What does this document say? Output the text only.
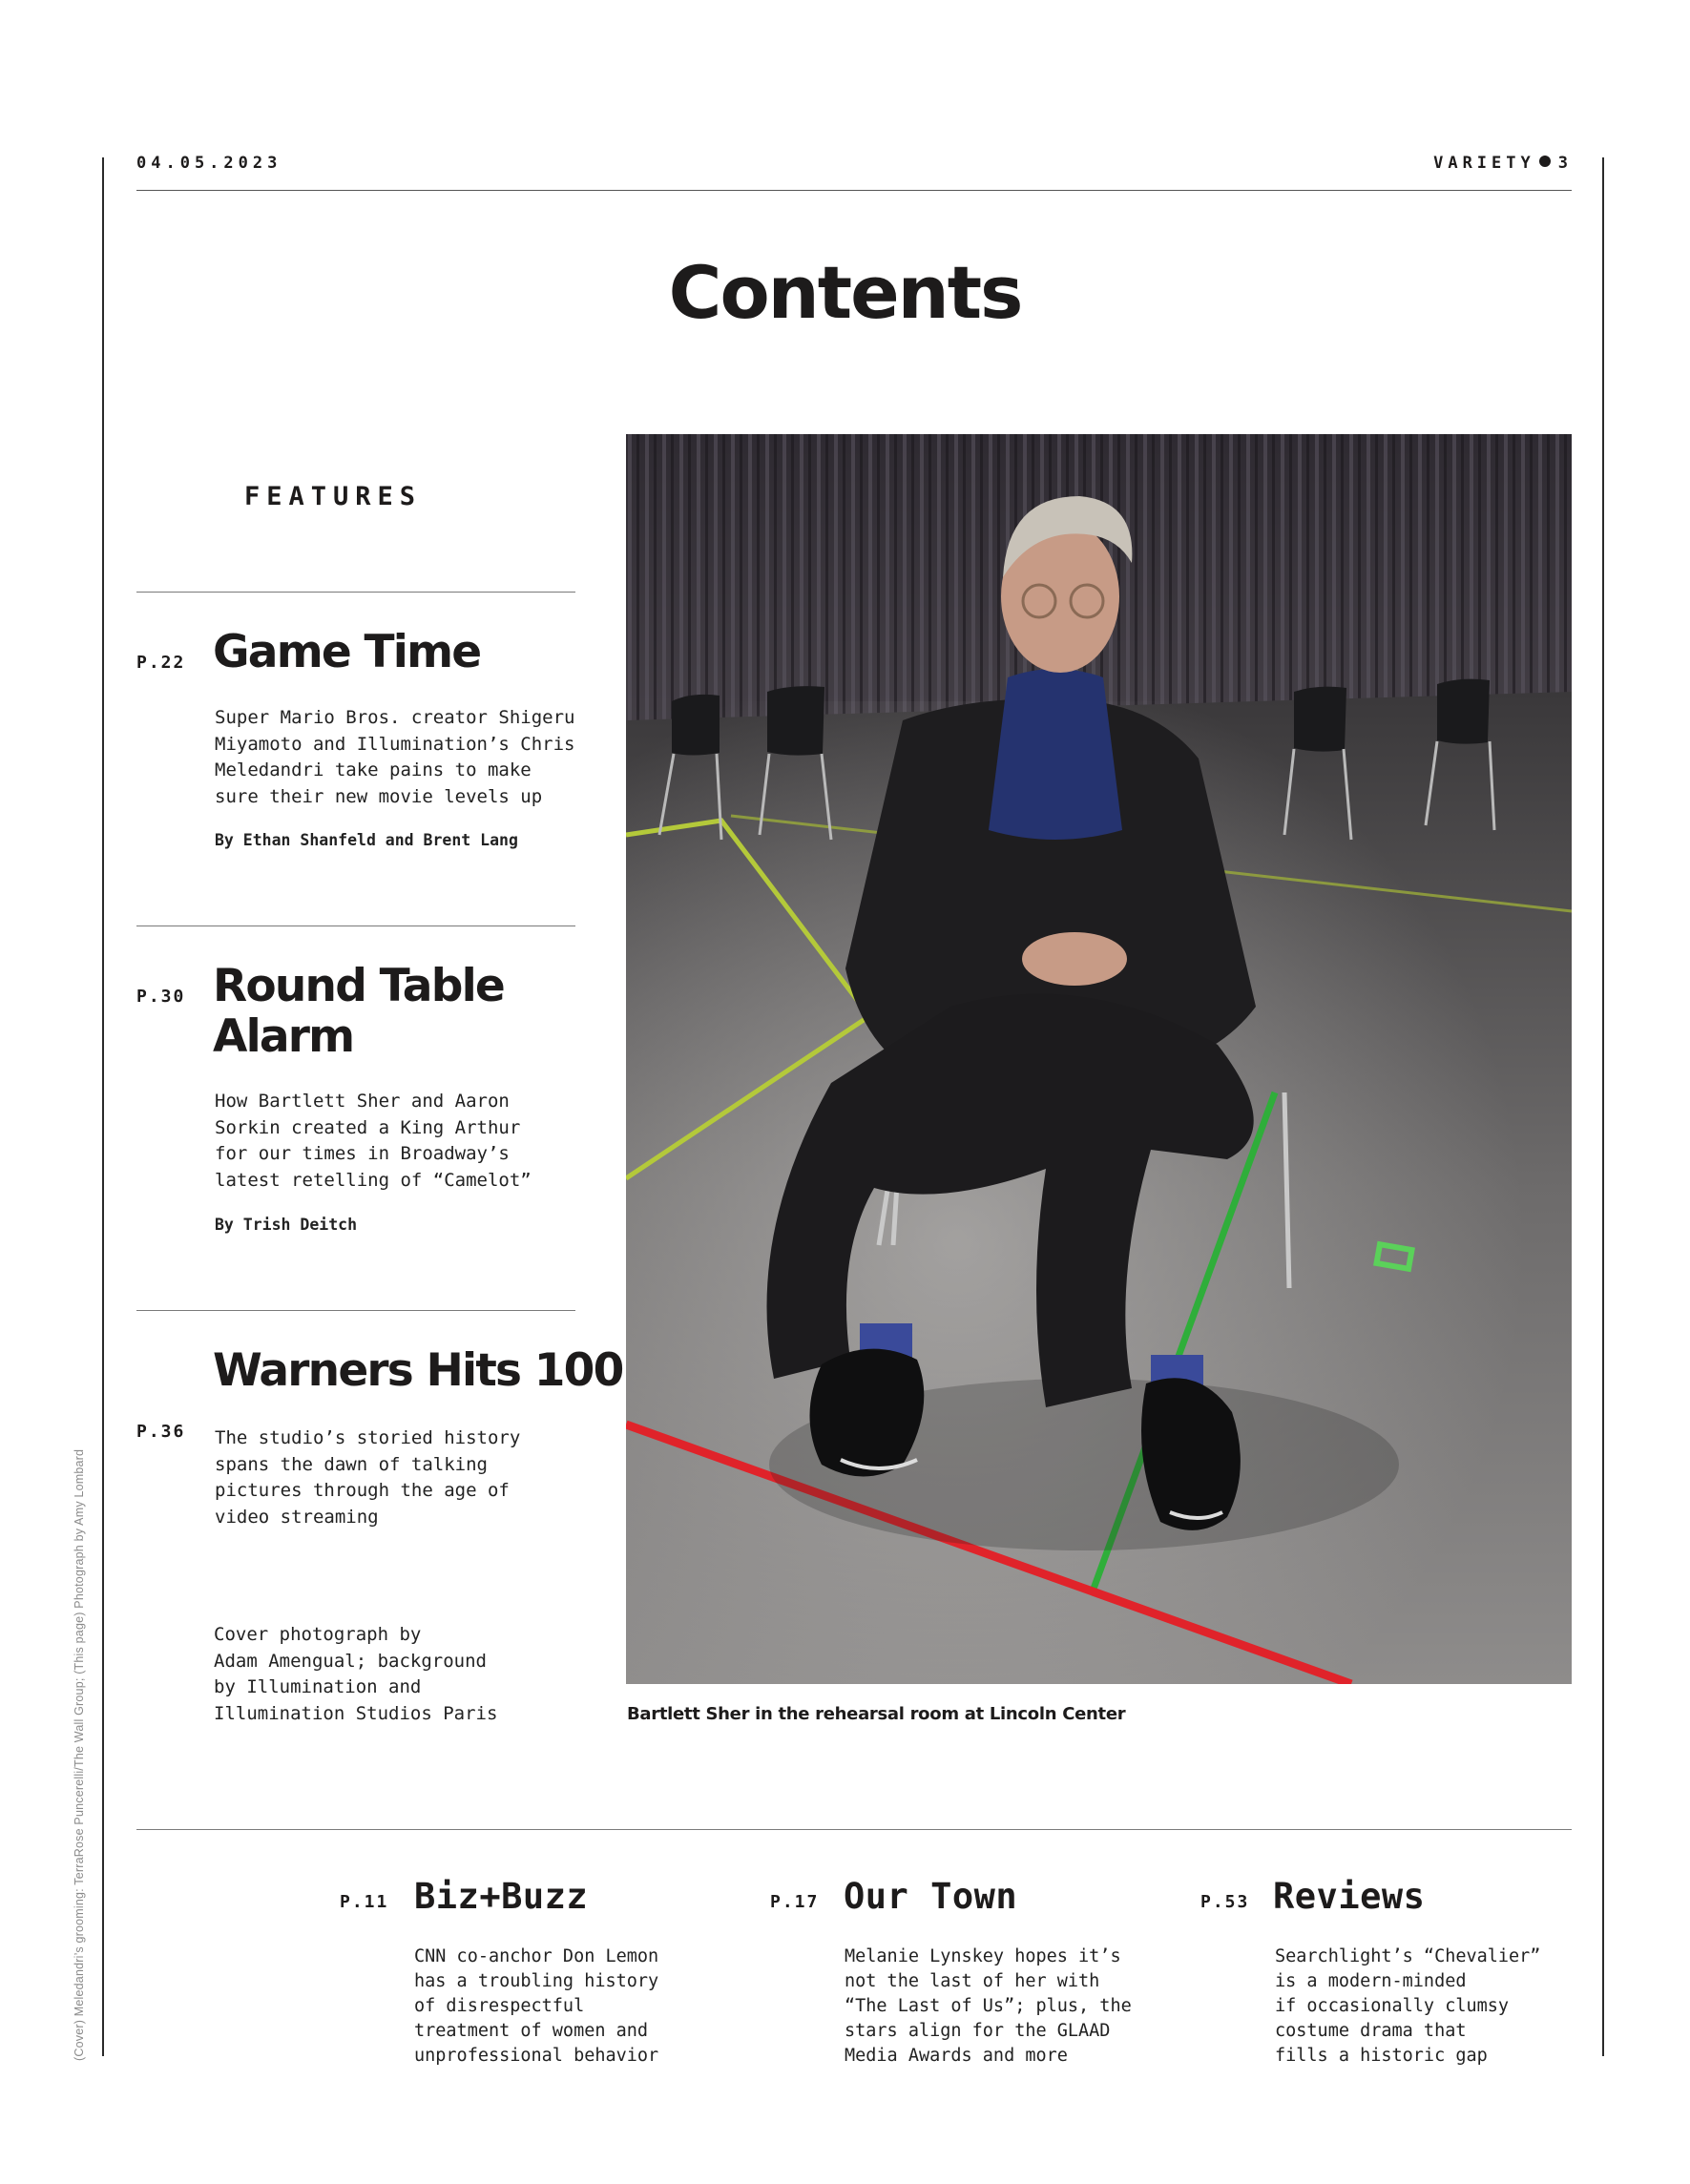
04.05.2023	VARIETY 3
Contents
FEATURES
P.22 Game Time
Super Mario Bros. creator Shigeru
Miyamoto and Illumination’s Chris
Meledandri take pains to make
sure their new movie levels up
By Ethan Shanfeld and Brent Lang
P.30 Round Table
Alarm
How Bartlett Sher and Aaron
Sorkin created a King Arthur
for our times in Broadway’s
latest retelling of “Camelot”
By Trish Deitch
Warners Hits 100
P.36 The studio’s storied history
spans the dawn of talking
pictures through the age of
video streaming
Cover photograph by
Adam Amengual; background
by Illumination and
Illumination Studios Paris
(Cover) Meledandri’s grooming: TerraRose Puncerelli/The Wall Group; (This page) Photograph by Amy Lombard	Bartlett Sher in the rehearsal room at Lincoln Center
P.11 Biz+Buzz
CNN co-anchor Don Lemon
has a troubling history
of disrespectful
treatment of women and
unprofessional behavior
P.17 Our Town
Melanie Lynskey hopes it’s
not the last of her with
“The Last of Us”; plus, the
stars align for the GLAAD
Media Awards and more
P.53 Reviews
Searchlight’s “Chevalier”
is a modern-minded
if occasionally clumsy
costume drama that
fills a historic gap
